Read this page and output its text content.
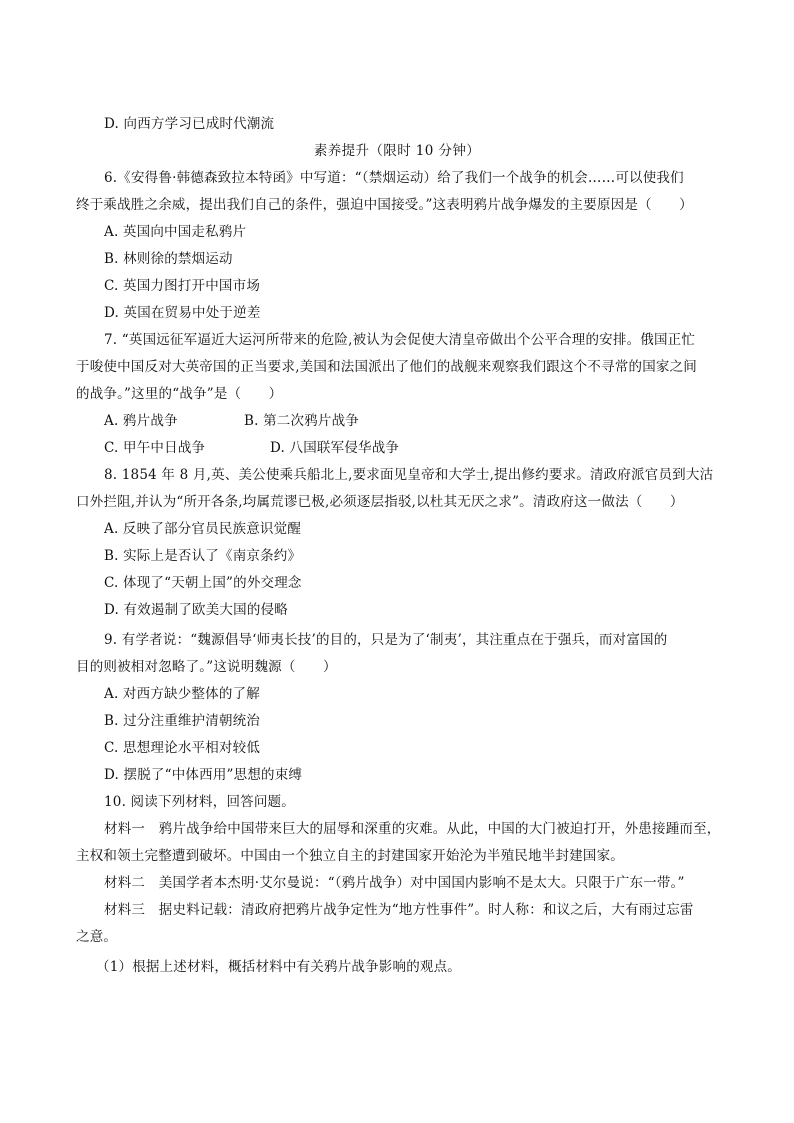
D. 向西方学习已成时代潮流
素养提升（限时 10 分钟）
6.《安得鲁·韩德森致拉本特函》中写道：“（禁烟运动）给了我们一个战争的机会……可以使我们
终于乘战胜之余威，提出我们自己的条件，强迫中国接受。”这表明鸦片战争爆发的主要原因是（　　）
A. 英国向中国走私鸦片
B. 林则徐的禁烟运动
C. 英国力图打开中国市场
D. 英国在贸易中处于逆差
7. “英国远征军逼近大运河所带来的危险,被认为会促使大清皇帝做出个公平合理的安排。俄国正忙
于唆使中国反对大英帝国的正当要求,美国和法国派出了他们的战舰来观察我们跟这个不寻常的国家之间
的战争。”这里的“战争”是（　　）
A. 鸦片战争	B. 第二次鸦片战争
C. 甲午中日战争	D. 八国联军侵华战争
8. 1854 年 8 月,英、美公使乘兵船北上,要求面见皇帝和大学士,提出修约要求。清政府派官员到大沽
口外拦阻,并认为“所开各条,均属荒谬已极,必须逐层指驳,以杜其无厌之求”。清政府这一做法（　　）
A. 反映了部分官员民族意识觉醒
B. 实际上是否认了《南京条约》
C. 体现了“天朝上国”的外交理念
D. 有效遏制了欧美大国的侵略
9. 有学者说：“魏源倡导‘师夷长技’的目的，只是为了‘制夷’，其注重点在于强兵，而对富国的
目的则被相对忽略了。”这说明魏源（　　）
A. 对西方缺少整体的了解
B. 过分注重维护清朝统治
C. 思想理论水平相对较低
D. 摆脱了“中体西用”思想的束缚
10. 阅读下列材料，回答问题。
材料一　鸦片战争给中国带来巨大的屈辱和深重的灾难。从此，中国的大门被迫打开，外患接踵而至，
主权和领土完整遭到破坏。中国由一个独立自主的封建国家开始沦为半殖民地半封建国家。
材料二　美国学者本杰明·艾尔曼说：“（鸦片战争）对中国国内影响不是太大。只限于广东一带。”
材料三　据史料记载：清政府把鸦片战争定性为“地方性事件”。时人称：和议之后，大有雨过忘雷
之意。
（1）根据上述材料，概括材料中有关鸦片战争影响的观点。
